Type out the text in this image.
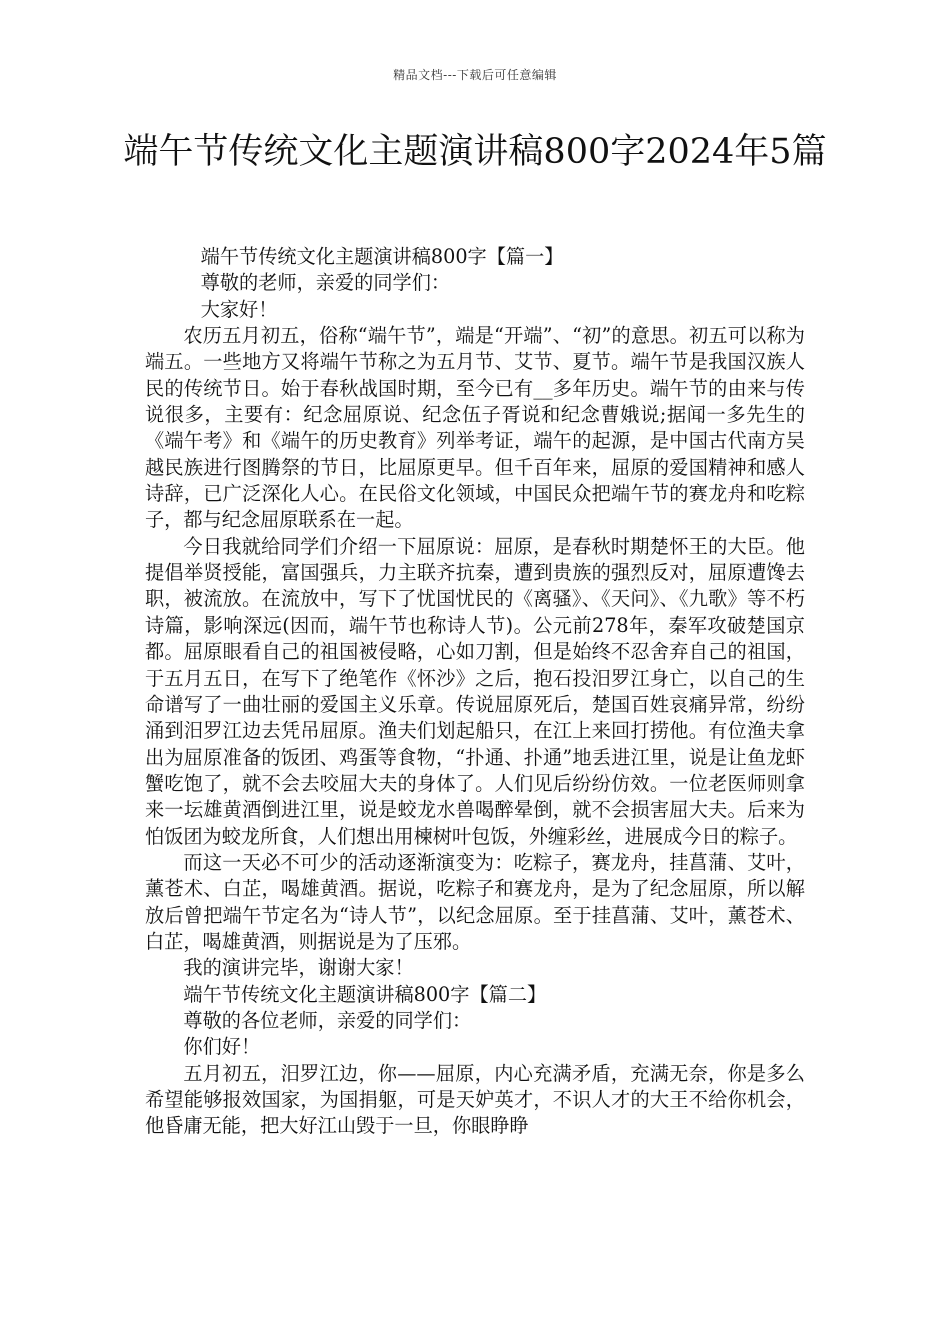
精品文档---下载后可任意编辑
端午节传统文化主题演讲稿800字2024年5篇

端午节传统文化主题演讲稿800字【篇一】

尊敬的老师，亲爱的同学们：

大家好！

农历五月初五，俗称“端午节”，端是“开端”、“初”的意思。初五可以称为端五。一些地方又将端午节称之为五月节、艾节、夏节。端午节是我国汉族人民的传统节日。始于春秋战国时期，至今已有__多年历史。端午节的由来与传说很多，主要有：纪念屈原说、纪念伍子胥说和纪念曹娥说;据闻一多先生的《端午考》和《端午的历史教育》列举考证，端午的起源，是中国古代南方吴越民族进行图腾祭的节日，比屈原更早。但千百年来，屈原的爱国精神和感人诗辞，已广泛深化人心。在民俗文化领域，中国民众把端午节的赛龙舟和吃粽子，都与纪念屈原联系在一起。

今日我就给同学们介绍一下屈原说：屈原，是春秋时期楚怀王的大臣。他提倡举贤授能，富国强兵，力主联齐抗秦，遭到贵族的强烈反对，屈原遭馋去职，被流放。在流放中，写下了忧国忧民的《离骚》、《天问》、《九歌》等不朽诗篇，影响深远(因而，端午节也称诗人节)。公元前278年，秦军攻破楚国京都。屈原眼看自己的祖国被侵略，心如刀割，但是始终不忍舍弃自己的祖国，于五月五日，在写下了绝笔作《怀沙》之后，抱石投汨罗江身亡，以自己的生命谱写了一曲壮丽的爱国主义乐章。传说屈原死后，楚国百姓哀痛异常，纷纷涌到汨罗江边去凭吊屈原。渔夫们划起船只，在江上来回打捞他。有位渔夫拿出为屈原准备的饭团、鸡蛋等食物，“扑通、扑通”地丢进江里，说是让鱼龙虾蟹吃饱了，就不会去咬屈大夫的身体了。人们见后纷纷仿效。一位老医师则拿来一坛雄黄酒倒进江里，说是蛟龙水兽喝醉晕倒，就不会损害屈大夫。后来为怕饭团为蛟龙所食，人们想出用楝树叶包饭，外缠彩丝，进展成今日的粽子。

而这一天必不可少的活动逐渐演变为：吃粽子，赛龙舟，挂菖蒲、艾叶，薰苍术、白芷，喝雄黄酒。据说，吃粽子和赛龙舟，是为了纪念屈原，所以解放后曾把端午节定名为“诗人节”，以纪念屈原。至于挂菖蒲、艾叶，薰苍术、白芷，喝雄黄酒，则据说是为了压邪。

我的演讲完毕，谢谢大家！

端午节传统文化主题演讲稿800字【篇二】

尊敬的各位老师，亲爱的同学们：

你们好！

五月初五，汨罗江边，你——屈原，内心充满矛盾，充满无奈，你是多么希望能够报效国家，为国捐躯，可是天妒英才，不识人才的大王不给你机会，他昏庸无能，把大好江山毁于一旦，你眼睁睁
